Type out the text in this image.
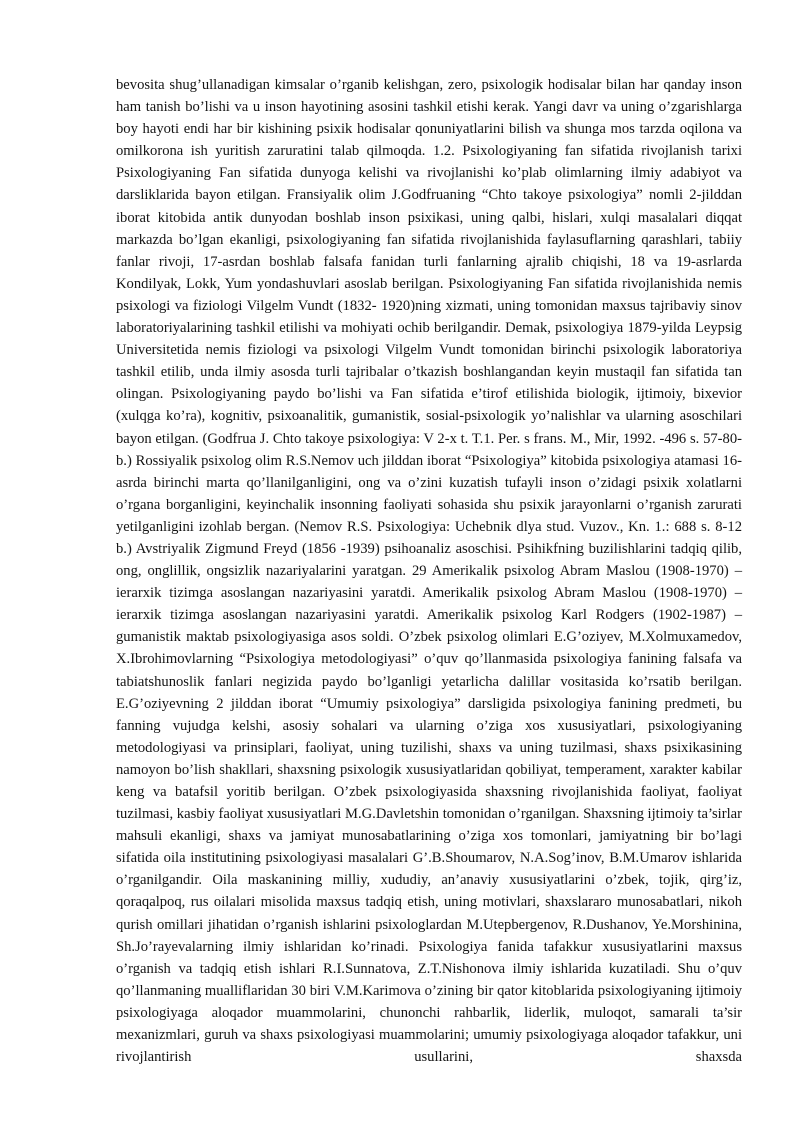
bevosita shug’ullanadigan kimsalar o’rganib kelishgan, zero, psixologik hodisalar bilan har qanday inson ham tanish bo’lishi va u inson hayotining asosini tashkil etishi kerak. Yangi davr va uning o’zgarishlarga boy hayoti endi har bir kishining psixik hodisalar qonuniyatlarini bilish va shunga mos tarzda oqilona va omilkorona ish yuritish zaruratini talab qilmoqda. 1.2. Psixologiyaning fan sifatida rivojlanish tarixi Psixologiyaning Fan sifatida dunyoga kelishi va rivojlanishi ko’plab olimlarning ilmiy adabiyot va darsliklarida bayon etilgan. Fransiyalik olim J.Godfruaning “Chto takoye psixologiya” nomli 2-jilddan iborat kitobida antik dunyodan boshlab inson psixikasi, uning qalbi, hislari, xulqi masalalari diqqat markazda bo’lgan ekanligi, psixologiyaning fan sifatida rivojlanishida faylasuflarning qarashlari, tabiiy fanlar rivoji, 17-asrdan boshlab falsafa fanidan turli fanlarning ajralib chiqishi, 18 va 19-asrlarda Kondilyak, Lokk, Yum yondashuvlari asoslab berilgan. Psixologiyaning Fan sifatida rivojlanishida nemis psixologi va fiziologi Vilgelm Vundt (1832- 1920)ning xizmati, uning tomonidan maxsus tajribaviy sinov laboratoriyalarining tashkil etilishi va mohiyati ochib berilgandir. Demak, psixologiya 1879-yilda Leypsig Universitetida nemis fiziologi va psixologi Vilgelm Vundt tomonidan birinchi psixologik laboratoriya tashkil etilib, unda ilmiy asosda turli tajribalar o’tkazish boshlangandan keyin mustaqil fan sifatida tan olingan. Psixologiyaning paydo bo’lishi va Fan sifatida e’tirof etilishida biologik, ijtimoiy, bixevior (xulqga ko’ra), kognitiv, psixoanalitik, gumanistik, sosial-psixologik yo’nalishlar va ularning asoschilari bayon etilgan. (Godfrua J. Chto takoye psixologiya: V 2-x t. T.1. Per. s frans. M., Mir, 1992. -496 s. 57-80-b.) Rossiyalik psixolog olim R.S.Nemov uch jilddan iborat “Psixologiya” kitobida psixologiya atamasi 16-asrda birinchi marta qo’llanilganligini, ong va o’zini kuzatish tufayli inson o’zidagi psixik xolatlarni o’rgana borganligini, keyinchalik insonning faoliyati sohasida shu psixik jarayonlarni o’rganish zarurati yetilganligini izohlab bergan. (Nemov R.S. Psixologiya: Uchebnik dlya stud. Vuzov., Kn. 1.: 688 s. 8-12 b.) Avstriyalik Zigmund Freyd (1856 -1939) psihoanaliz asoschisi. Psihikfning buzilishlarini tadqiq qilib, ong, onglillik, ongsizlik nazariyalarini yaratgan. 29 Amerikalik psixolog Abram Maslou (1908-1970) – ierarxik tizimga asoslangan nazariyasini yaratdi. Amerikalik psixolog Abram Maslou (1908-1970) – ierarxik tizimga asoslangan nazariyasini yaratdi. Amerikalik psixolog Karl Rodgers (1902-1987) – gumanistik maktab psixologiyasiga asos soldi. O’zbek psixolog olimlari E.G’oziyev, M.Xolmuxamedov, X.Ibrohimovlarning “Psixologiya metodologiyasi” o’quv qo’llanmasida psixologiya fanining falsafa va tabiatshunoslik fanlari negizida paydo bo’lganligi yetarlicha dalillar vositasida ko’rsatib berilgan. E.G’oziyevning 2 jilddan iborat “Umumiy psixologiya” darsligida psixologiya fanining predmeti, bu fanning vujudga kelshi, asosiy sohalari va ularning o’ziga xos xususiyatlari, psixologiyaning metodologiyasi va prinsiplari, faoliyat, uning tuzilishi, shaxs va uning tuzilmasi, shaxs psixikasining namoyon bo’lish shakllari, shaxsning psixologik xususiyatlaridan qobiliyat, temperament, xarakter kabilar keng va batafsil yoritib berilgan. O’zbek psixologiyasida shaxsning rivojlanishida faoliyat, faoliyat tuzilmasi, kasbiy faoliyat xususiyatlari M.G.Davletshin tomonidan o’rganilgan. Shaxsning ijtimoiy ta’sirlar mahsuli ekanligi, shaxs va jamiyat munosabatlarining o’ziga xos tomonlari, jamiyatning bir bo’lagi sifatida oila institutining psixologiyasi masalalari G’.B.Shoumarov, N.A.Sog’inov, B.M.Umarov ishlarida o’rganilgandir. Oila maskanining milliy, xududiy, an’anaviy xususiyatlarini o’zbek, tojik, qirg’iz, qoraqalpoq, rus oilalari misolida maxsus tadqiq etish, uning motivlari, shaxslararo munosabatlari, nikoh qurish omillari jihatidan o’rganish ishlarini psixologlardan M.Utepbergenov, R.Dushanov, Ye.Morshinina, Sh.Jo’rayevalarning ilmiy ishlaridan ko’rinadi. Psixologiya fanida tafakkur xususiyatlarini maxsus o’rganish va tadqiq etish ishlari R.I.Sunnatova, Z.T.Nishonova ilmiy ishlarida kuzatiladi. Shu o’quv qo’llanmaning mualliflaridan 30 biri V.M.Karimova o’zining bir qator kitoblarida psixologiyaning ijtimoiy psixologiyaga aloqador muammolarini, chunonchi rahbarlik, liderlik, muloqot, samarali ta’sir mexanizmlari, guruh va shaxs psixologiyasi muammolarini; umumiy psixologiyaga aloqador tafakkur, uni rivojlantirish usullarini, shaxsda
